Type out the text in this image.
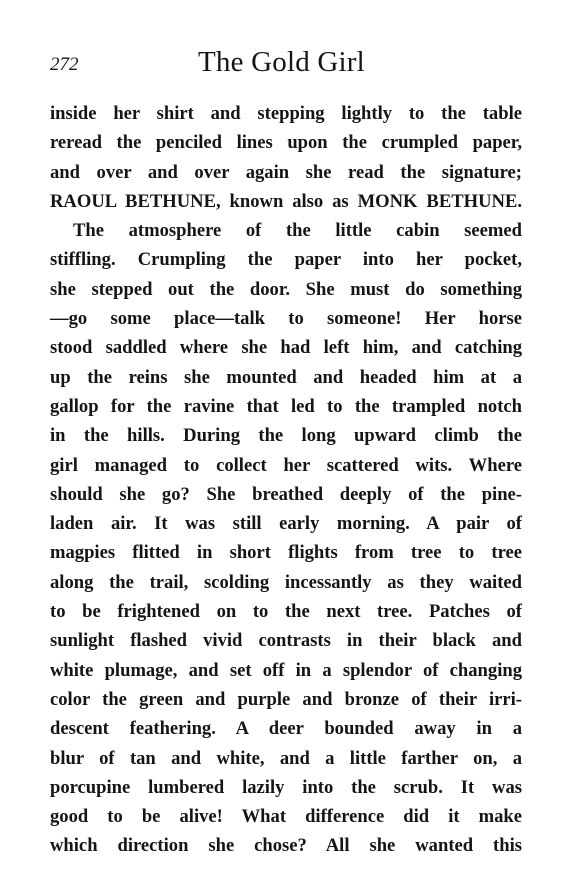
272	The Gold Girl
inside her shirt and stepping lightly to the table
reread the penciled lines upon the crumpled paper,
and over and over again she read the signature;
RAOUL BETHUNE, known also as MONK BETHUNE.
The atmosphere of the little cabin seemed
stiffling. Crumpling the paper into her pocket,
she stepped out the door. She must do something
—go some place—talk to someone! Her horse
stood saddled where she had left him, and catching
up the reins she mounted and headed him at a
gallop for the ravine that led to the trampled notch
in the hills. During the long upward climb the
girl managed to collect her scattered wits. Where
should she go? She breathed deeply of the pine-
laden air. It was still early morning. A pair of
magpies flitted in short flights from tree to tree
along the trail, scolding incessantly as they waited
to be frightened on to the next tree. Patches of
sunlight flashed vivid contrasts in their black and
white plumage, and set off in a splendor of changing
color the green and purple and bronze of their irri-
descent feathering. A deer bounded away in a
blur of tan and white, and a little farther on, a
porcupine lumbered lazily into the scrub. It was
good to be alive! What difference did it make
which direction she chose? All she wanted this
